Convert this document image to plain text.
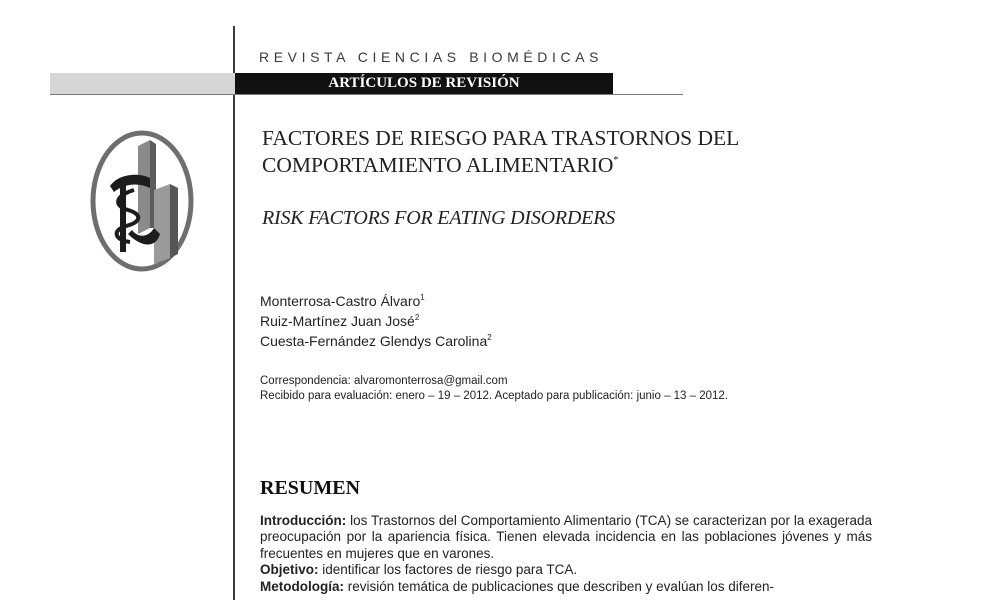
REVISTA CIENCIAS BIOMÉDICAS
ARTÍCULOS DE REVISIÓN
FACTORES DE RIESGO PARA TRASTORNOS DEL
COMPORTAMIENTO ALIMENTARIO*
RISK FACTORS FOR EATING DISORDERS
Monterrosa-Castro Álvaro$^1$
Ruiz-Martínez Juan José$^2$
Cuesta-Fernández Glendys Carolina$^2$
Correspondencia: alvaromonterrosa@gmail.com
Recibido para evaluación: enero – 19 – 2012. Aceptado para publicación: junio – 13 – 2012.
RESUMEN

Introducción: los Trastornos del Comportamiento Alimentario (TCA) se caracterizan por la exagerada preocupación por la apariencia física. Tienen elevada incidencia en las poblaciones jóvenes y más frecuentes en mujeres que en varones.

Objetivo: identificar los factores de riesgo para TCA.

Metodología: revisión temática de publicaciones que describen y evalúan los diferen-
